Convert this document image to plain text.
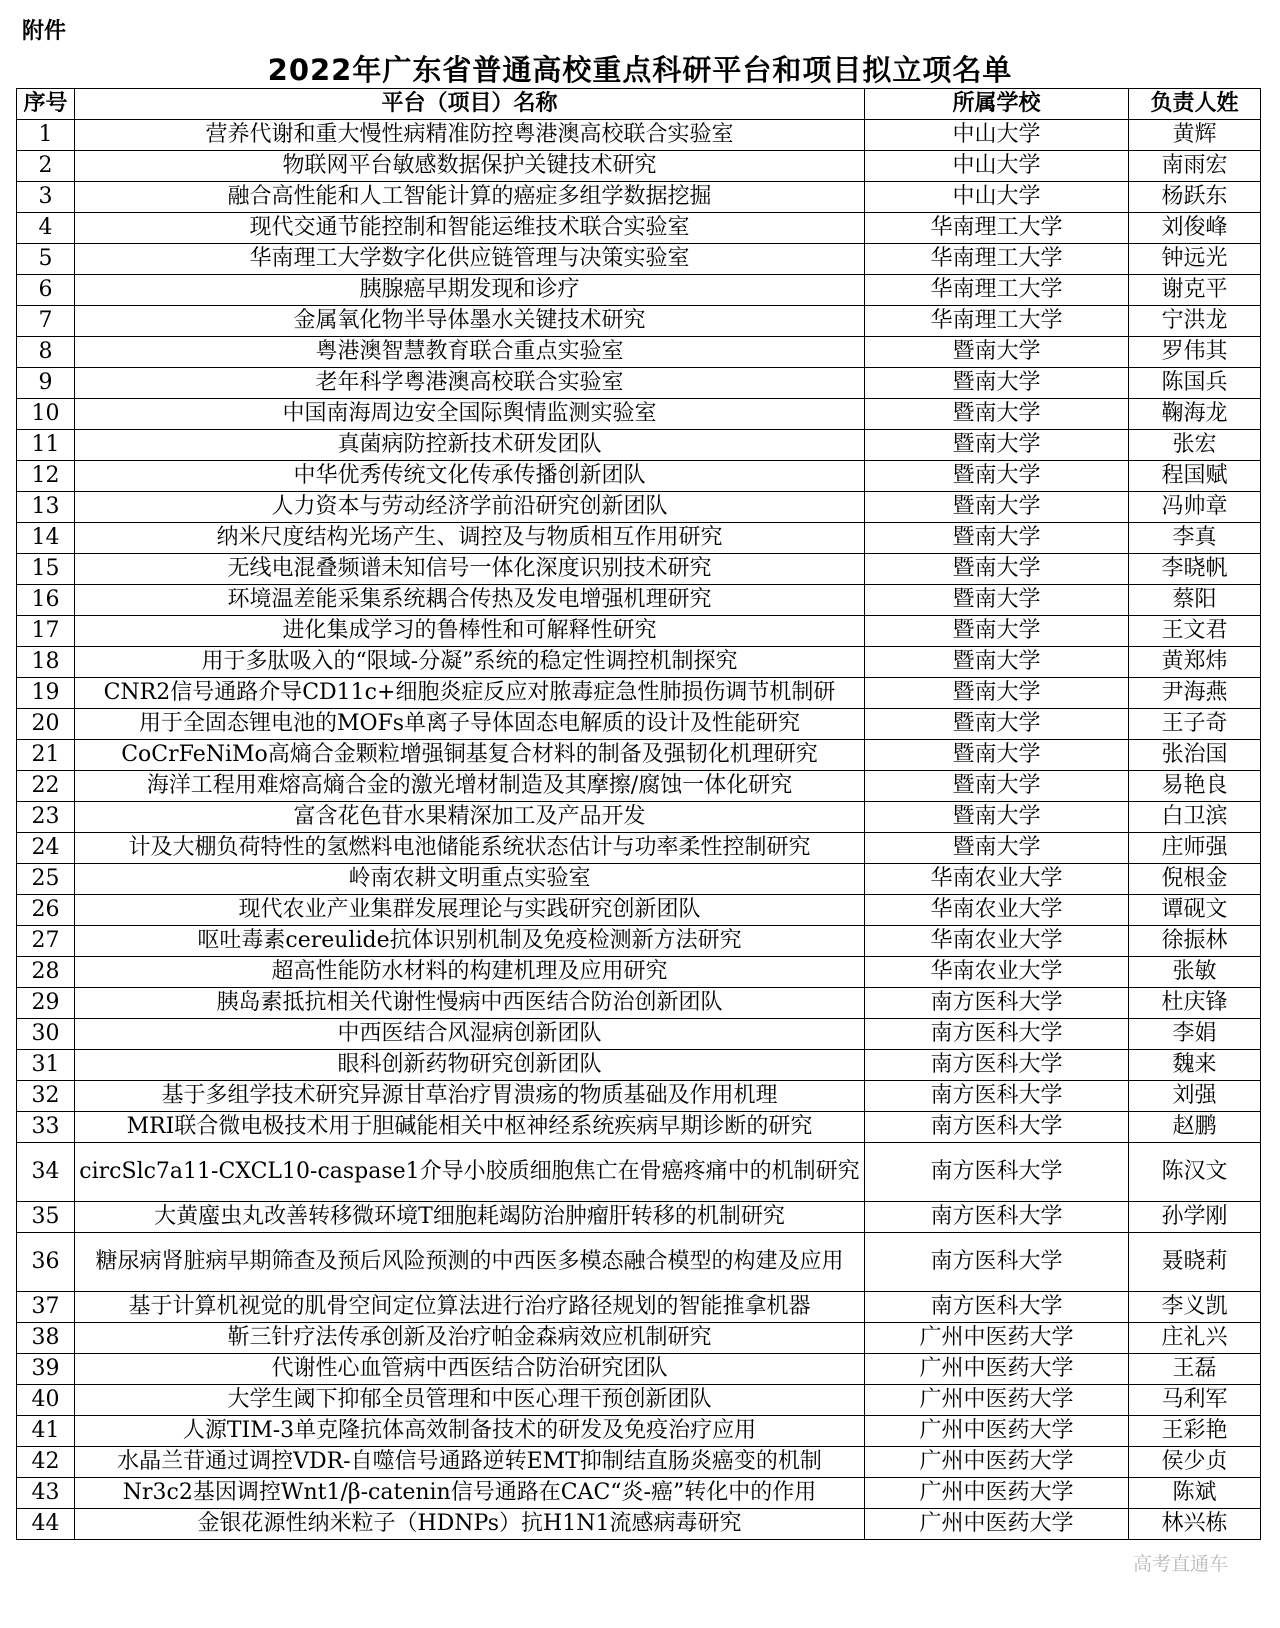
附件
2022年广东省普通高校重点科研平台和项目拟立项名单
序号	平台（项目）名称	所属学校	负责人姓
1	营养代谢和重大慢性病精准防控粤港澳高校联合实验室	中山大学	黄辉
2	物联网平台敏感数据保护关键技术研究	中山大学	南雨宏
3	融合高性能和人工智能计算的癌症多组学数据挖掘	中山大学	杨跃东
4	现代交通节能控制和智能运维技术联合实验室	华南理工大学	刘俊峰
5	华南理工大学数字化供应链管理与决策实验室	华南理工大学	钟远光
6	胰腺癌早期发现和诊疗	华南理工大学	谢克平
7	金属氧化物半导体墨水关键技术研究	华南理工大学	宁洪龙
8	粤港澳智慧教育联合重点实验室	暨南大学	罗伟其
9	老年科学粤港澳高校联合实验室	暨南大学	陈国兵
10	中国南海周边安全国际舆情监测实验室	暨南大学	鞠海龙
11	真菌病防控新技术研发团队	暨南大学	张宏
12	中华优秀传统文化传承传播创新团队	暨南大学	程国赋
13	人力资本与劳动经济学前沿研究创新团队	暨南大学	冯帅章
14	纳米尺度结构光场产生、调控及与物质相互作用研究	暨南大学	李真
15	无线电混叠频谱未知信号一体化深度识别技术研究	暨南大学	李晓帆
16	环境温差能采集系统耦合传热及发电增强机理研究	暨南大学	蔡阳
17	进化集成学习的鲁棒性和可解释性研究	暨南大学	王文君
18	用于多肽吸入的“限域-分凝”系统的稳定性调控机制探究	暨南大学	黄郑炜
19	CNR2信号通路介导CD11c+细胞炎症反应对脓毒症急性肺损伤调节机制研	暨南大学	尹海燕
20	用于全固态锂电池的MOFs单离子导体固态电解质的设计及性能研究	暨南大学	王子奇
21	CoCrFeNiMo高熵合金颗粒增强铜基复合材料的制备及强韧化机理研究	暨南大学	张治国
22	海洋工程用难熔高熵合金的激光增材制造及其摩擦/腐蚀一体化研究	暨南大学	易艳良
23	富含花色苷水果精深加工及产品开发	暨南大学	白卫滨
24	计及大棚负荷特性的氢燃料电池储能系统状态估计与功率柔性控制研究	暨南大学	庄师强
25	岭南农耕文明重点实验室	华南农业大学	倪根金
26	现代农业产业集群发展理论与实践研究创新团队	华南农业大学	谭砚文
27	呕吐毒素cereulide抗体识别机制及免疫检测新方法研究	华南农业大学	徐振林
28	超高性能防水材料的构建机理及应用研究	华南农业大学	张敏
29	胰岛素抵抗相关代谢性慢病中西医结合防治创新团队	南方医科大学	杜庆锋
30	中西医结合风湿病创新团队	南方医科大学	李娟
31	眼科创新药物研究创新团队	南方医科大学	魏来
32	基于多组学技术研究异源甘草治疗胃溃疡的物质基础及作用机理	南方医科大学	刘强
33	MRI联合微电极技术用于胆碱能相关中枢神经系统疾病早期诊断的研究	南方医科大学	赵鹏
34	circSlc7a11-CXCL10-caspase1介导小胶质细胞焦亡在骨癌疼痛中的机制研究	南方医科大学	陈汉文
35	大黄䗪虫丸改善转移微环境T细胞耗竭防治肿瘤肝转移的机制研究	南方医科大学	孙学刚
36	糖尿病肾脏病早期筛查及预后风险预测的中西医多模态融合模型的构建及应用	南方医科大学	聂晓莉
37	基于计算机视觉的肌骨空间定位算法进行治疗路径规划的智能推拿机器	南方医科大学	李义凯
38	靳三针疗法传承创新及治疗帕金森病效应机制研究	广州中医药大学	庄礼兴
39	代谢性心血管病中西医结合防治研究团队	广州中医药大学	王磊
40	大学生阈下抑郁全员管理和中医心理干预创新团队	广州中医药大学	马利军
41	人源TIM-3单克隆抗体高效制备技术的研发及免疫治疗应用	广州中医药大学	王彩艳
42	水晶兰苷通过调控VDR-自噬信号通路逆转EMT抑制结直肠炎癌变的机制	广州中医药大学	侯少贞
43	Nr3c2基因调控Wnt1/β-catenin信号通路在CAC“炎-癌”转化中的作用	广州中医药大学	陈斌
44	金银花源性纳米粒子（HDNPs）抗H1N1流感病毒研究	广州中医药大学	林兴栋
高考直通车
